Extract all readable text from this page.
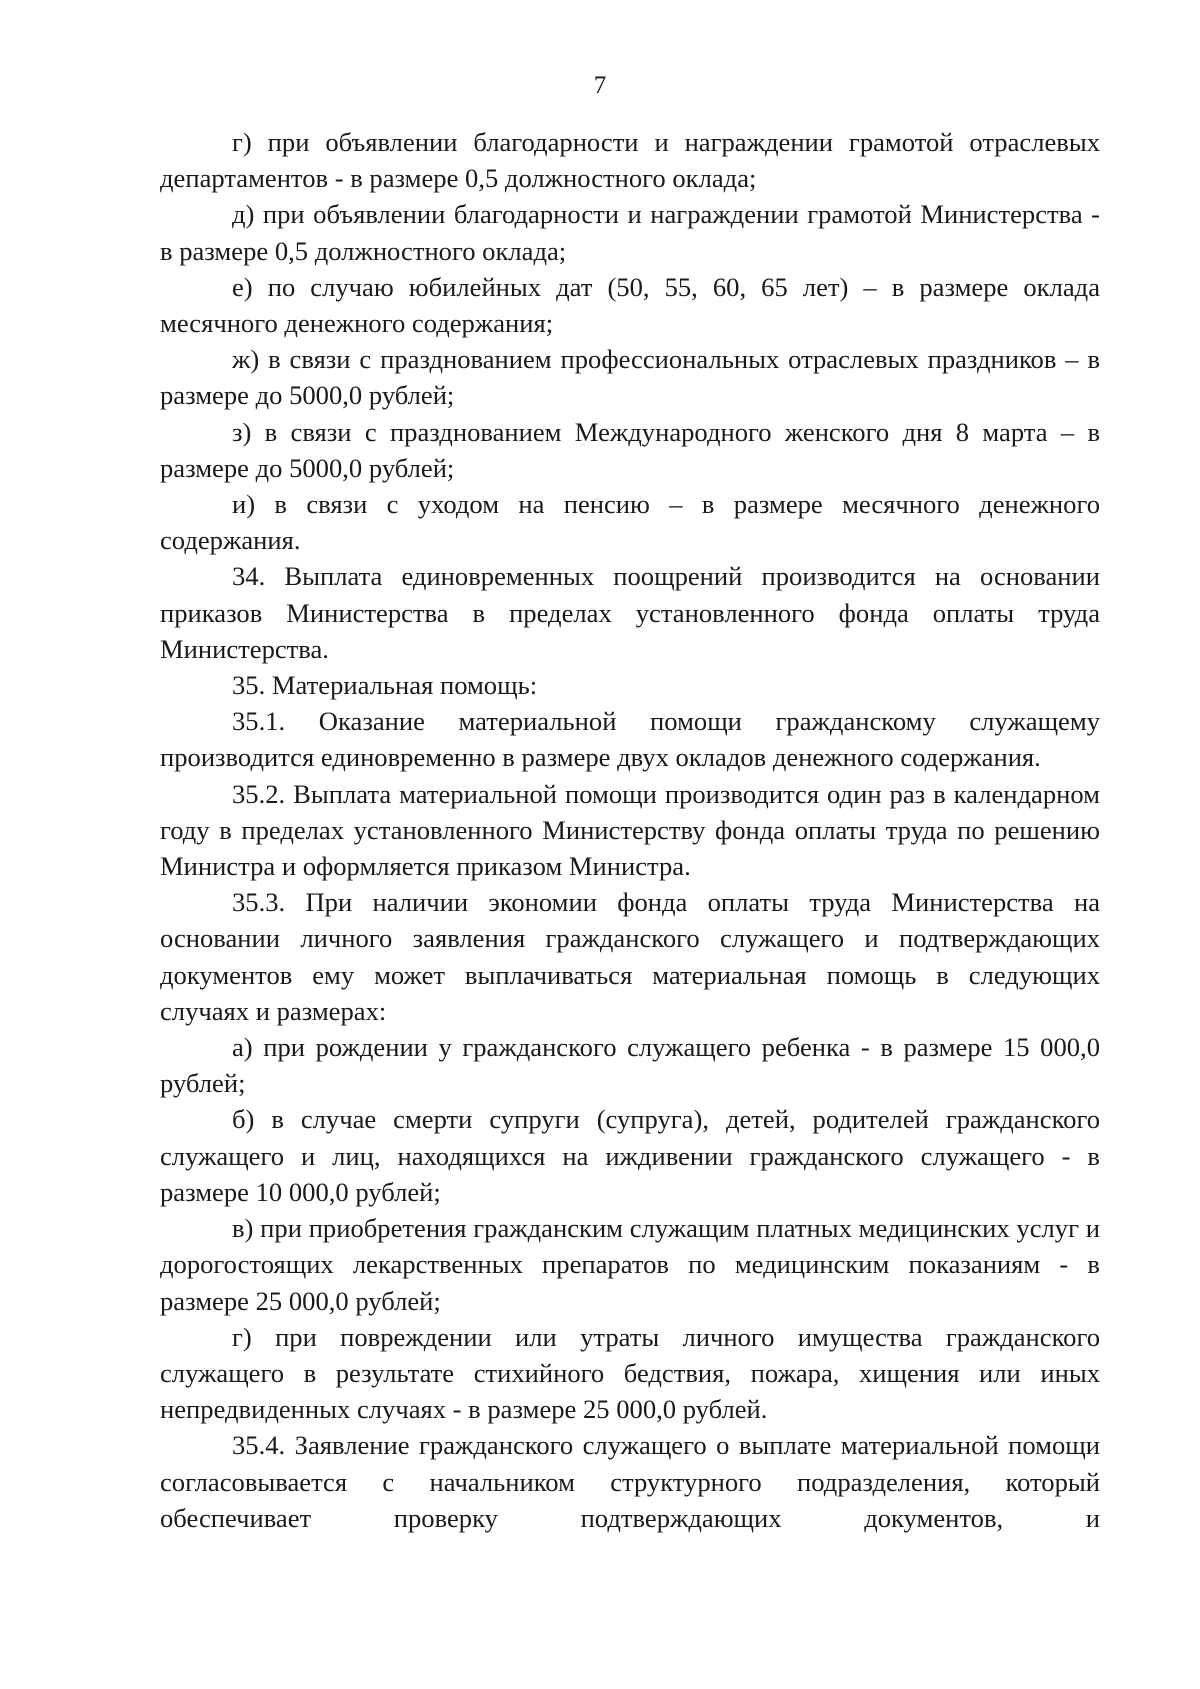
7

г) при объявлении благодарности и награждении грамотой отраслевых департаментов - в размере 0,5 должностного оклада;

д) при объявлении благодарности и награждении грамотой Министерства - в размере 0,5 должностного оклада;

е) по случаю юбилейных дат (50, 55, 60, 65 лет) – в размере оклада месячного денежного содержания;

ж) в связи с празднованием профессиональных отраслевых праздников – в размере до 5000,0 рублей;

з) в связи с празднованием Международного женского дня 8 марта – в размере до 5000,0 рублей;

и) в связи с уходом на пенсию – в размере месячного денежного содержания.

34. Выплата единовременных поощрений производится на основании приказов Министерства в пределах установленного фонда оплаты труда Министерства.

35. Материальная помощь:

35.1. Оказание материальной помощи гражданскому служащему производится единовременно в размере двух окладов денежного содержания.

35.2. Выплата материальной помощи производится один раз в календарном году в пределах установленного Министерству фонда оплаты труда по решению Министра и оформляется приказом Министра.

35.3. При наличии экономии фонда оплаты труда Министерства на основании личного заявления гражданского служащего и подтверждающих документов ему может выплачиваться материальная помощь в следующих случаях и размерах:

а) при рождении у гражданского служащего ребенка - в размере 15 000,0 рублей;

б) в случае смерти супруги (супруга), детей, родителей гражданского служащего и лиц, находящихся на иждивении гражданского служащего - в размере 10 000,0 рублей;

в) при приобретения гражданским служащим платных медицинских услуг и дорогостоящих лекарственных препаратов по медицинским показаниям - в размере 25 000,0 рублей;

г) при повреждении или утраты личного имущества гражданского служащего в результате стихийного бедствия, пожара, хищения или иных непредвиденных случаях - в размере 25 000,0 рублей.

35.4. Заявление гражданского служащего о выплате материальной помощи согласовывается с начальником структурного подразделения, который обеспечивает проверку подтверждающих документов, и
